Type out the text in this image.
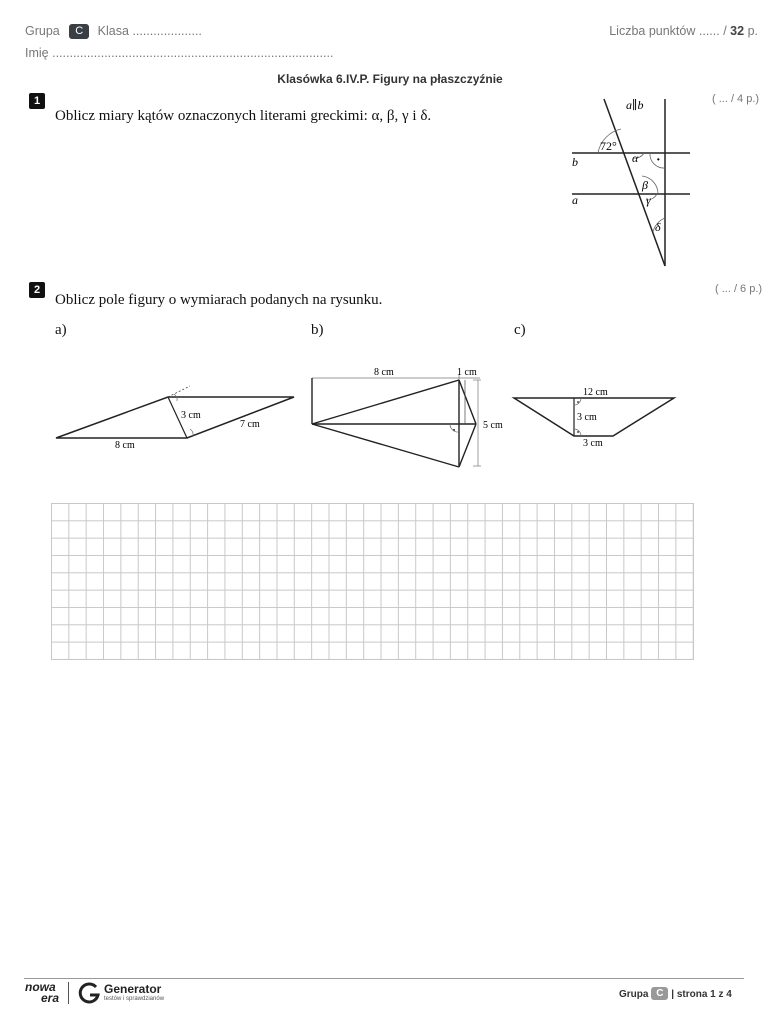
Grupa C Klasa ....................	Liczba punktów ...... / 32 p.
Imię .................................................................................
Klasówka 6.IV.P. Figury na płaszczyźnie
1
Oblicz miary kątów oznaczonych literami greckimi: α, β, γ i δ.
( ... / 4 p.)
a∥b
72°
b
a
α ·
β
γ
δ
2
Oblicz pole figury o wymiarach podanych na rysunku.
( ... / 6 p.)
a)	b)	c)
8 cm
3 cm
7 cm
8 cm	1 cm
5 cm
12 cm
3 cm
3 cm
nowa
era
Generator
testów i sprawdzianów	Grupa C | strona 1 z 4
